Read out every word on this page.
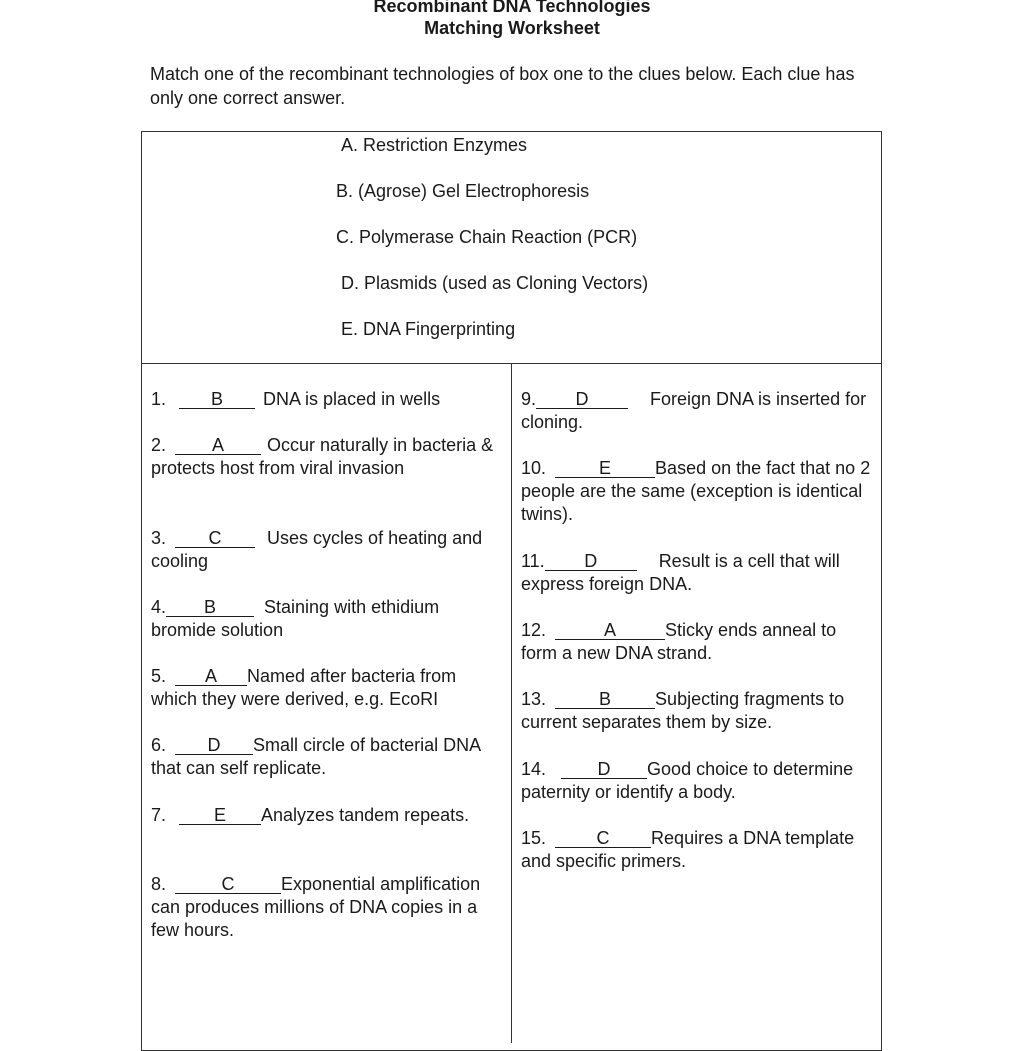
Recombinant DNA Technologies
Matching Worksheet
Match one of the recombinant technologies of box one to the clues below. Each clue has only one correct answer.
A. Restriction Enzymes
B. (Agrose) Gel Electrophoresis
C. Polymerase Chain Reaction (PCR)
D. Plasmids (used as Cloning Vectors)
E. DNA Fingerprinting
1.	B DNA is placed in wells
2.	A Occur naturally in bacteria & protects host from viral invasion
3. C	Uses cycles of heating and cooling
4. B	Staining with ethidium bromide solution
5. A Named after bacteria from which they were derived, e.g. EcoRI
6. D Small circle of bacterial DNA that can self replicate.
7.	E Analyzes tandem repeats.
8.	C	Exponential amplification can produces millions of DNA copies in a few hours.
9. D	Foreign DNA is inserted for cloning.
10.	E Based on the fact that no 2 people are the same (exception is identical twins).
11. D	Result is a cell that will express foreign DNA.
12.	A	Sticky ends anneal to form a new DNA strand.
13.	B Subjecting fragments to current separates them by size.
14.	D Good choice to determine paternity or identify a body.
15.	C Requires a DNA template and specific primers.
